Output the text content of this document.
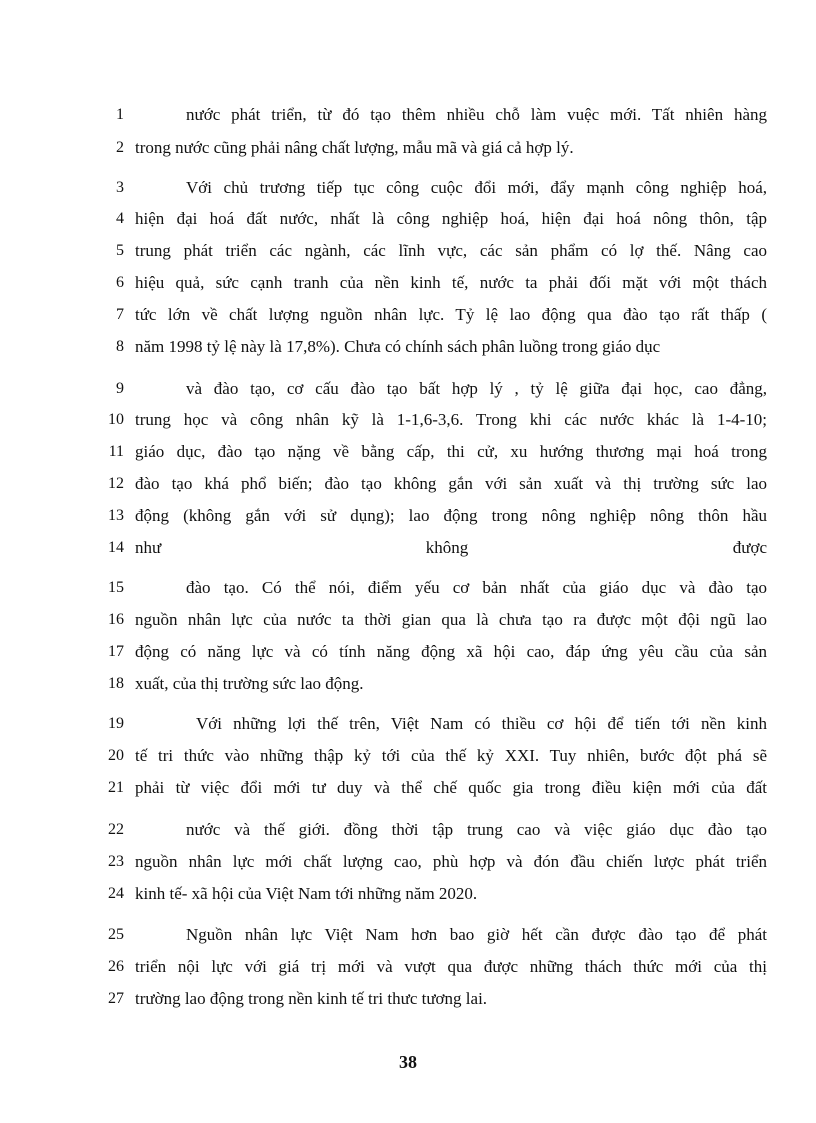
1	nước phát triển, từ đó tạo thêm nhiều chỗ làm vuệc mới. Tất nhiên hàng
2 trong nước cũng phải nâng chất lượng, mẫu mã và giá cả hợp lý.
3	Với chủ trương tiếp tục công cuộc đổi mới, đẩy mạnh công nghiệp hoá,
4 hiện đại hoá đất nước, nhất là công nghiệp hoá, hiện đại hoá nông thôn, tập
5 trung phát triển các ngành, các lĩnh vực, các sản phẩm có lợ thế. Nâng cao
6 hiệu quả, sức cạnh tranh của nền kinh tế, nước ta phải đối mặt với một thách
7 tức lớn về chất lượng nguồn nhân lực. Tỷ lệ lao động qua đào tạo rất thấp (
8 năm 1998 tỷ lệ này là 17,8%). Chưa có chính sách phân luồng trong giáo dục
9	và đào tạo, cơ cấu đào tạo bất hợp lý , tỷ lệ giữa đại học, cao đẳng,
10 trung học và công nhân kỹ là 1-1,6-3,6. Trong khi các nước khác là 1-4-10;
11 giáo dục, đào tạo nặng về bằng cấp, thi cử, xu hướng thương mại hoá trong
12 đào tạo khá phổ biến; đào tạo không gắn với sản xuất và thị trường sức lao
13 động (không gắn với sử dụng); lao động trong nông nghiệp nông thôn hầu
14 như không được
15	đào tạo. Có thể nói, điểm yếu cơ bản nhất của giáo dục và đào tạo
16 nguồn nhân lực của nước ta thời gian qua là chưa tạo ra được một đội ngũ lao
17 động có năng lực và có tính năng động xã hội cao, đáp ứng yêu cầu của sản
18 xuất, của thị trường sức lao động.
19	Với những lợi thế trên, Việt Nam có thiều cơ hội để tiến tới nền kinh
20 tế tri thức vào những thập kỷ tới của thế kỷ XXI. Tuy nhiên, bước đột phá sẽ
21 phải từ việc đổi mới tư duy và thể chế quốc gia trong điều kiện mới của đất
22	nước và thế giới. đồng thời tập trung cao và việc giáo dục đào tạo
23 nguồn nhân lực mới chất lượng cao, phù hợp và đón đầu chiến lược phát triển
24 kinh tế- xã hội của Việt Nam tới những năm 2020.
25	Nguồn nhân lực Việt Nam hơn bao giờ hết cần được đào tạo để phát
26 triển nội lực với giá trị mới và vượt qua được những thách thức mới của thị
27 trường lao động trong nền kinh tế tri thưc tương lai.
38
